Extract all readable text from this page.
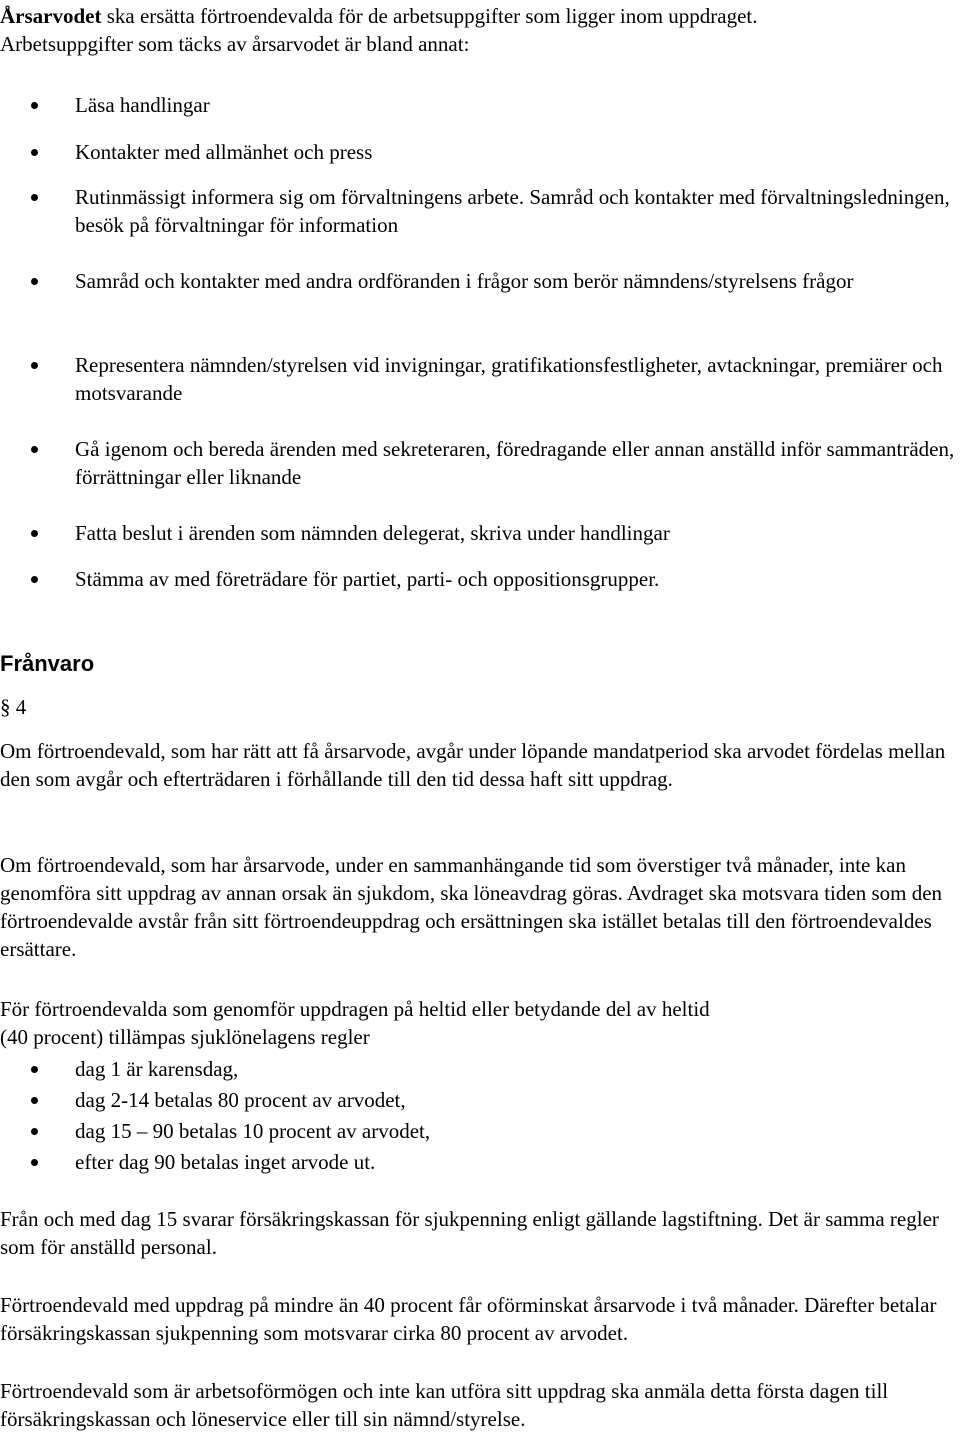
Årsarvodet ska ersätta förtroendevalda för de arbetsuppgifter som ligger inom uppdraget.
Arbetsuppgifter som täcks av årsarvodet är bland annat:
Läsa handlingar
Kontakter med allmänhet och press
Rutinmässigt informera sig om förvaltningens arbete. Samråd och kontakter med förvaltningsledningen, besök på förvaltningar för information
Samråd och kontakter med andra ordföranden i frågor som berör nämndens/styrelsens frågor
Representera nämnden/styrelsen vid invigningar, gratifikationsfestligheter, avtackningar, premiärer och motsvarande
Gå igenom och bereda ärenden med sekreteraren, föredragande eller annan anställd inför sammanträden, förrättningar eller liknande
Fatta beslut i ärenden som nämnden delegerat, skriva under handlingar
Stämma av med företrädare för partiet, parti- och oppositionsgrupper.
Frånvaro
§ 4
Om förtroendevald, som har rätt att få årsarvode, avgår under löpande mandatperiod ska arvodet fördelas mellan den som avgår och efterträdaren i förhållande till den tid dessa haft sitt uppdrag.
Om förtroendevald, som har årsarvode, under en sammanhängande tid som överstiger två månader, inte kan genomföra sitt uppdrag av annan orsak än sjukdom, ska löneavdrag göras. Avdraget ska motsvara tiden som den förtroendevalde avstår från sitt förtroendeuppdrag och ersättningen ska istället betalas till den förtroendevaldes ersättare.
För förtroendevalda som genomför uppdragen på heltid eller betydande del av heltid
(40 procent) tillämpas sjuklönelagens regler
dag 1 är karensdag,
dag 2-14 betalas 80 procent av arvodet,
dag 15 – 90 betalas 10 procent av arvodet,
efter dag 90 betalas inget arvode ut.
Från och med dag 15 svarar försäkringskassan för sjukpenning enligt gällande lagstiftning. Det är samma regler som för anställd personal.
Förtroendevald med uppdrag på mindre än 40 procent får oförminskat årsarvode i två månader. Därefter betalar försäkringskassan sjukpenning som motsvarar cirka 80 procent av arvodet.
Förtroendevald som är arbetsoförmögen och inte kan utföra sitt uppdrag ska anmäla detta första dagen till försäkringskassan och löneservice eller till sin nämnd/styrelse.
